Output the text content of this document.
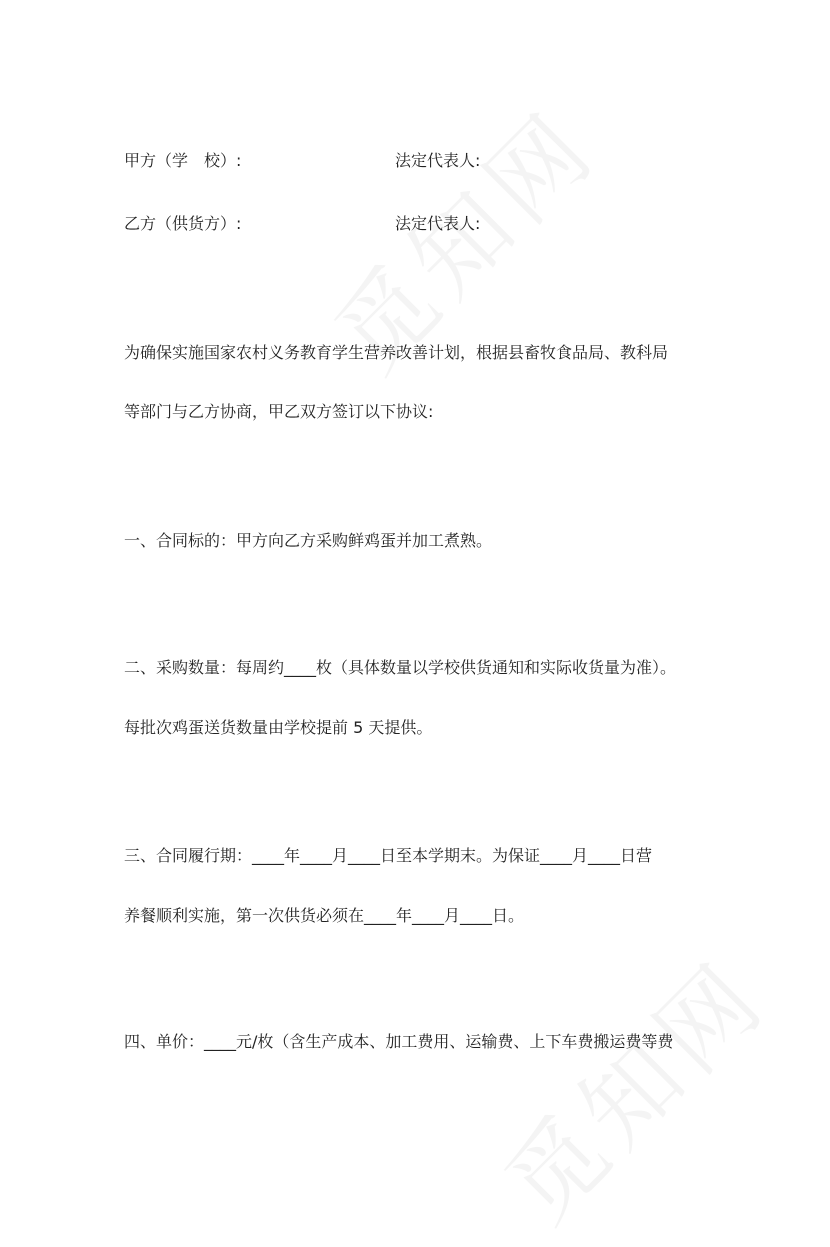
甲方（学　校）:	法定代表人:
乙方（供货方）:	法定代表人:
为确保实施国家农村义务教育学生营养改善计划，根据县畜牧食品局、教科局
等部门与乙方协商，甲乙双方签订以下协议:
一、合同标的：甲方向乙方采购鲜鸡蛋并加工煮熟。
二、采购数量：每周约____枚（具体数量以学校供货通知和实际收货量为准）。
每批次鸡蛋送货数量由学校提前 5 天提供。
三、合同履行期：____年____月____日至本学期末。为保证____月____日营
养餐顺利实施，第一次供货必须在____年____月____日。
四、单价：____元/枚（含生产成本、加工费用、运输费、上下车费搬运费等费
